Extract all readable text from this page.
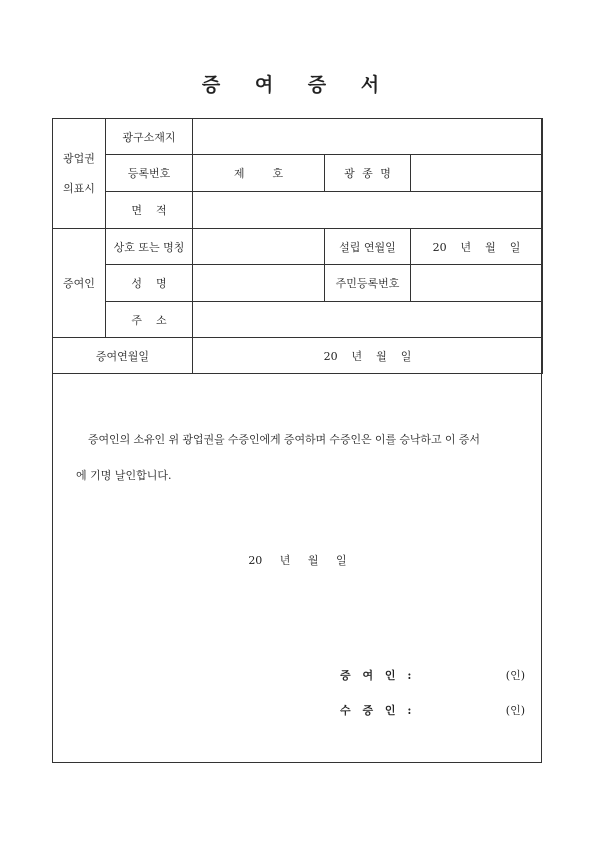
증 여 증 서
광업권
의표시	광구소재지			
	등록번호	제        호	광 종 명	
	면    적			
증여인	상호 또는 명칭		설립 연월일	20    년    월    일
	성    명		주민등록번호	
	주    소			
증여연월일		20    년    월    일		

증여인의 소유인 위 광업권을 수증인에게 증여하며 수증인은 이를 승낙하고 이 증서

에 기명 날인합니다.

20 년 월 일
증 여 인 :	(인)
수 증 인 :	(인)
